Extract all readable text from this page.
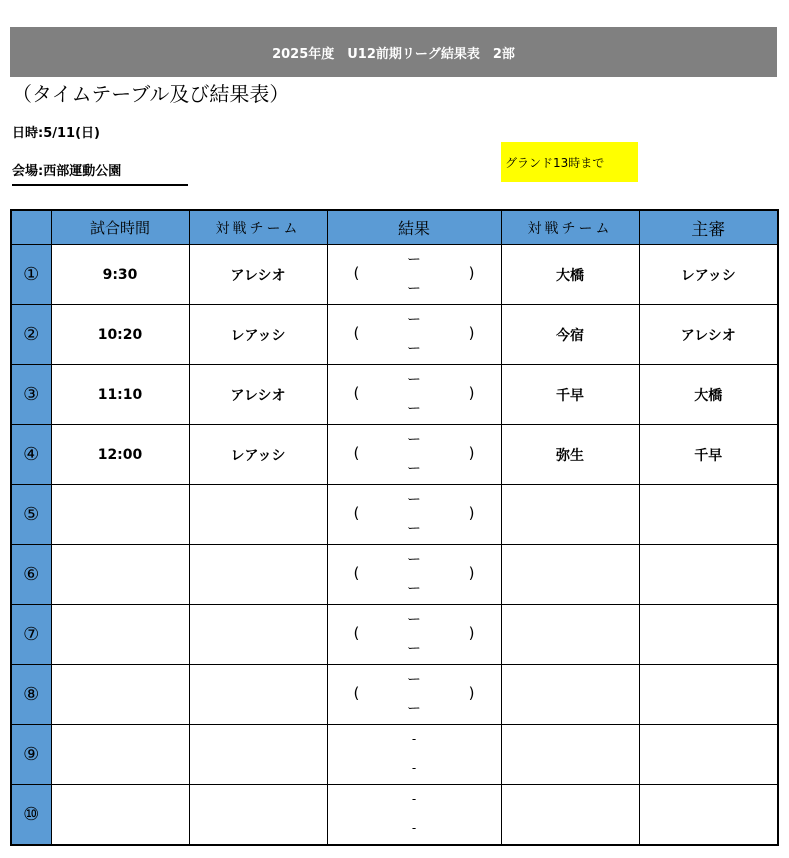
2025年度　U12前期リーグ結果表　2部
（タイムテーブル及び結果表）
日時:5/11(日)
会場:西部運動公園
グランド13時まで
	試合時間	対戦チーム	結果	対戦チーム	主審
①	9:30	アレシオ	(
ー
ー
)	大橋	レアッシ
②	10:20	レアッシ	(
ー
ー
)	今宿	アレシオ
③	11:10	アレシオ	(
ー
ー
)	千早	大橋
④	12:00	レアッシ	(
ー
ー
)	弥生	千早
⑤			(
ー
ー
)		

⑥			(
ー
ー
)		

⑦			(
ー
ー
)		

⑧			(
ー
ー
)		

⑨			-
-		

⑩			-
-		
